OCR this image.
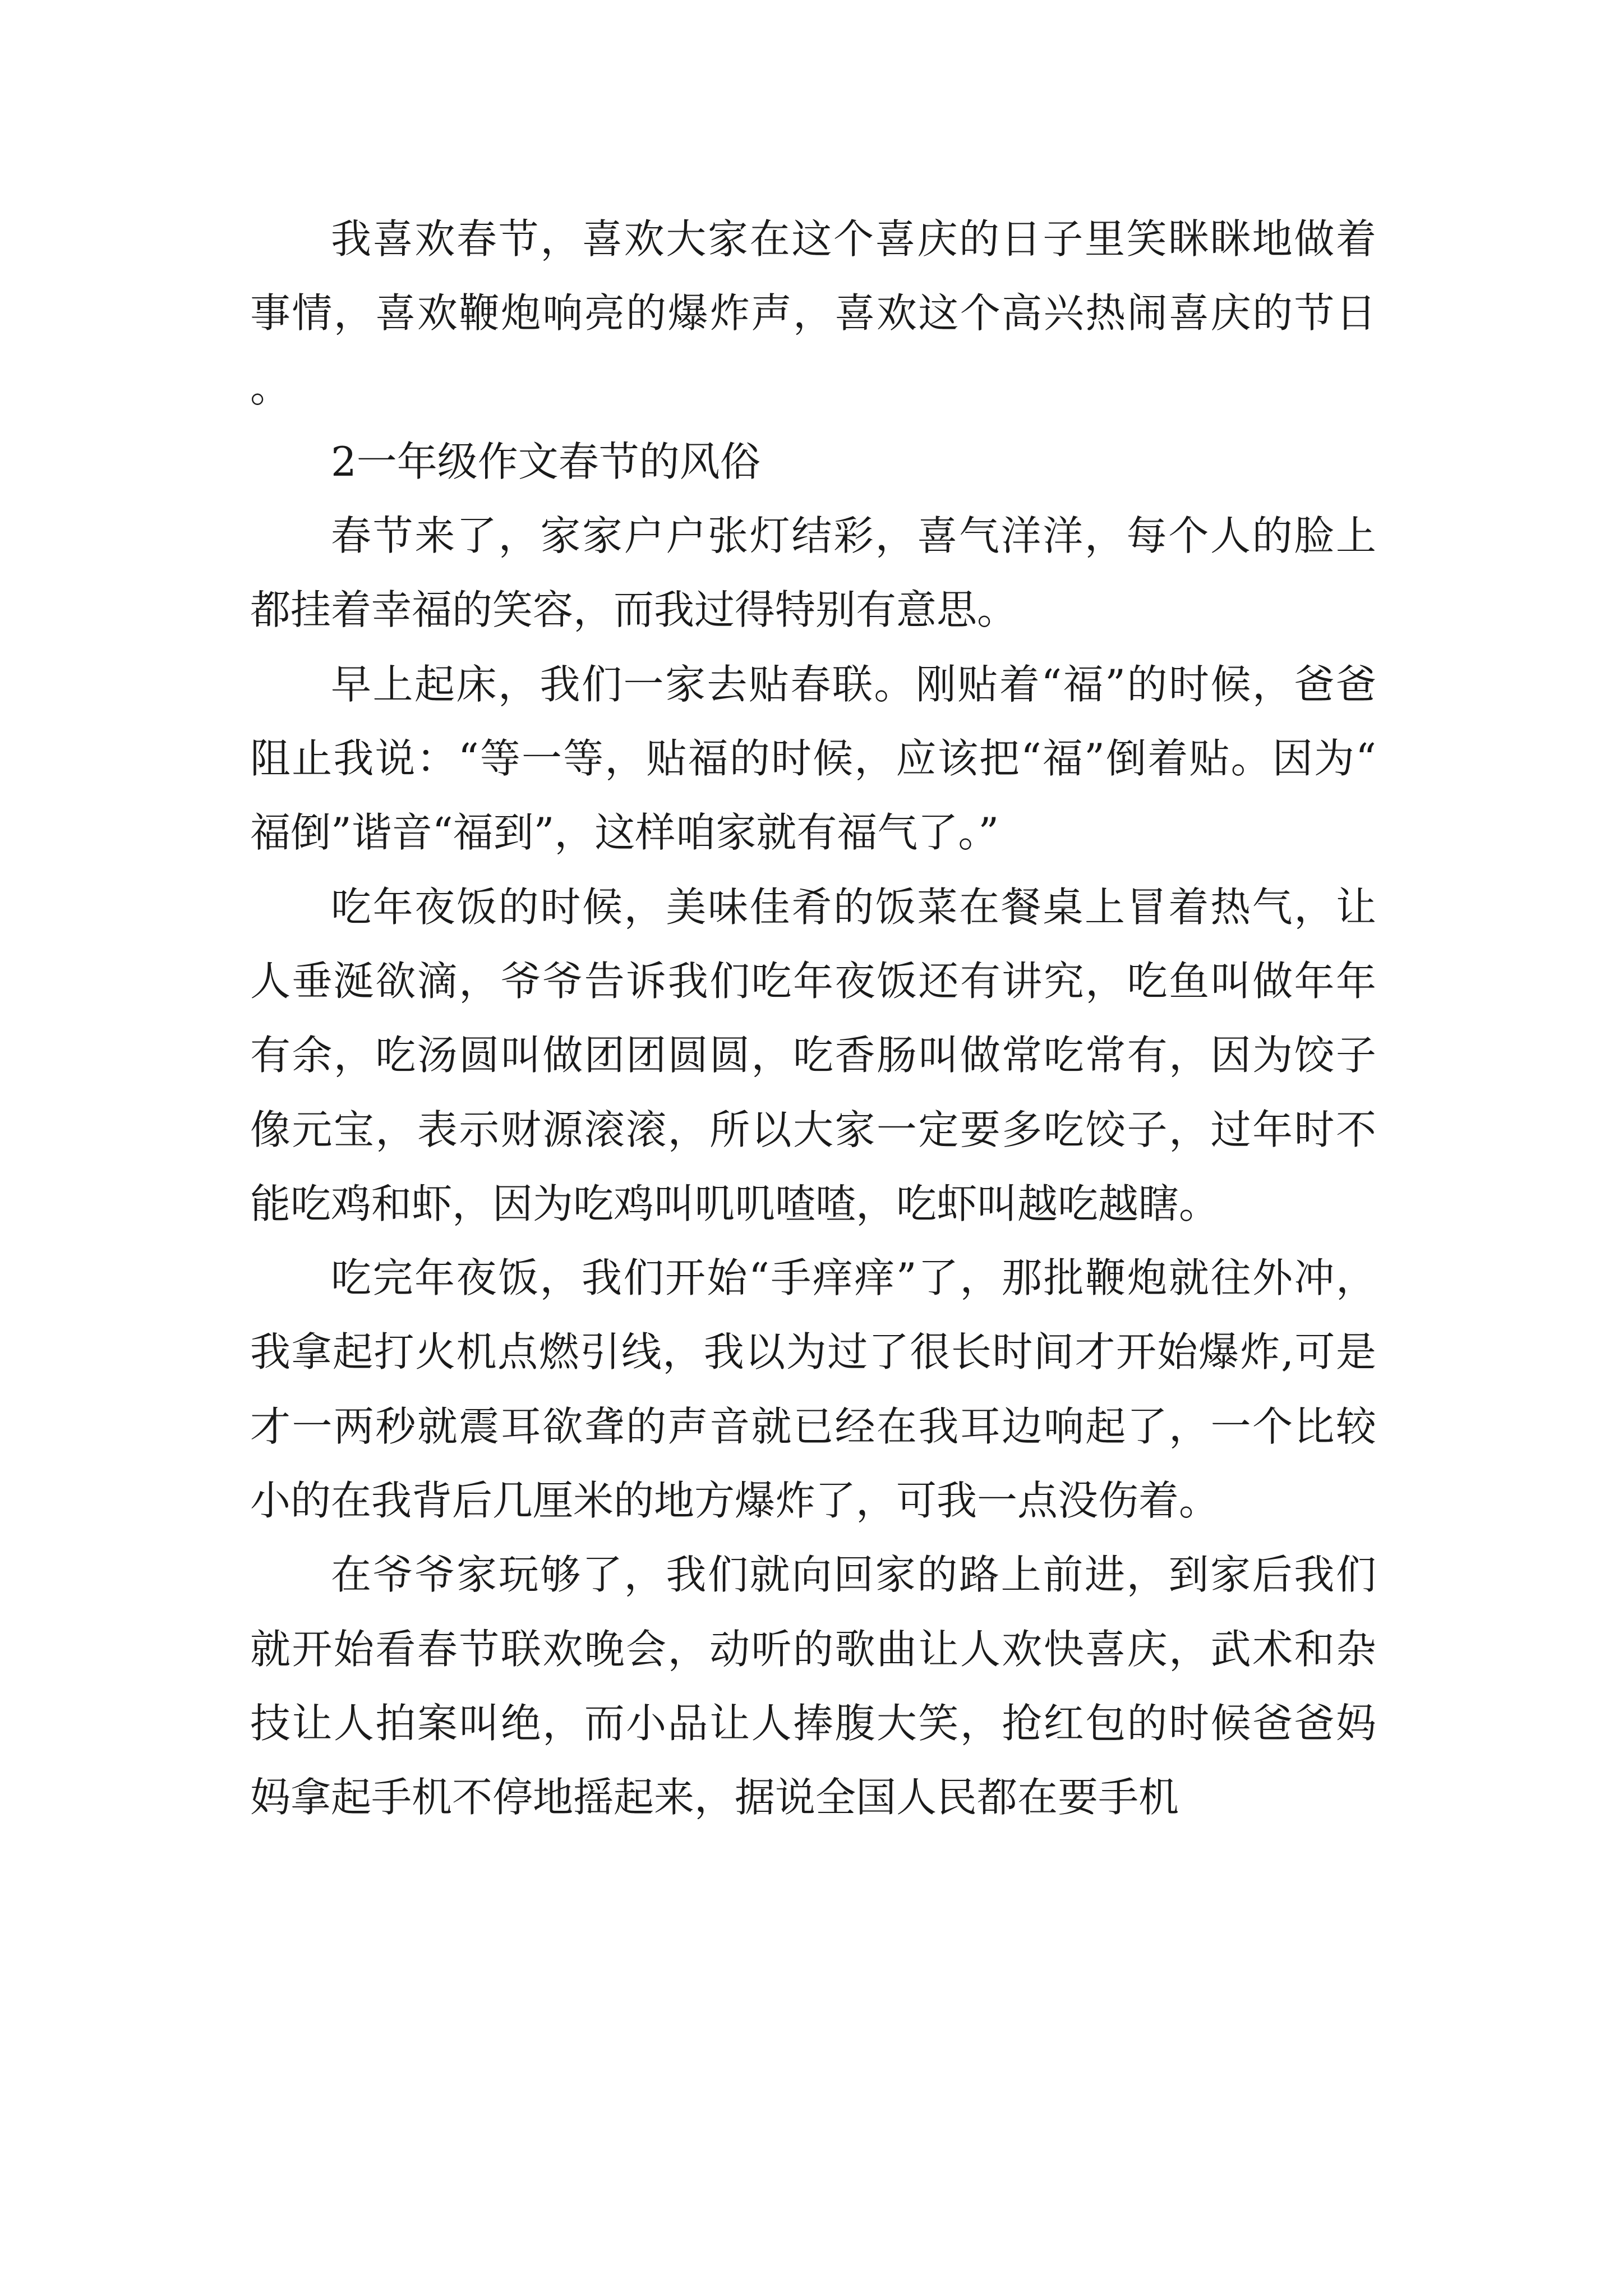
我喜欢春节，喜欢大家在这个喜庆的日子里笑眯眯地做着事情，喜欢鞭炮响亮的爆炸声，喜欢这个高兴热闹喜庆的节日。

2一年级作文春节的风俗

春节来了，家家户户张灯结彩，喜气洋洋，每个人的脸上都挂着幸福的笑容，而我过得特别有意思。

早上起床，我们一家去贴春联。刚贴着“福”的时候，爸爸阻止我说：“等一等，贴福的时候，应该把“福”倒着贴。因为“福倒”谐音“福到”，这样咱家就有福气了。”

吃年夜饭的时候，美味佳肴的饭菜在餐桌上冒着热气，让人垂涎欲滴，爷爷告诉我们吃年夜饭还有讲究，吃鱼叫做年年有余，吃汤圆叫做团团圆圆，吃香肠叫做常吃常有，因为饺子像元宝，表示财源滚滚，所以大家一定要多吃饺子，过年时不能吃鸡和虾，因为吃鸡叫叽叽喳喳，吃虾叫越吃越瞎。

吃完年夜饭，我们开始“手痒痒”了，那批鞭炮就往外冲，我拿起打火机点燃引线，我以为过了很长时间才开始爆炸,可是才一两秒就震耳欲聋的声音就已经在我耳边响起了，一个比较小的在我背后几厘米的地方爆炸了，可我一点没伤着。

在爷爷家玩够了，我们就向回家的路上前进，到家后我们就开始看春节联欢晚会，动听的歌曲让人欢快喜庆，武术和杂技让人拍案叫绝，而小品让人捧腹大笑，抢红包的时候爸爸妈妈拿起手机不停地摇起来，据说全国人民都在要手机
